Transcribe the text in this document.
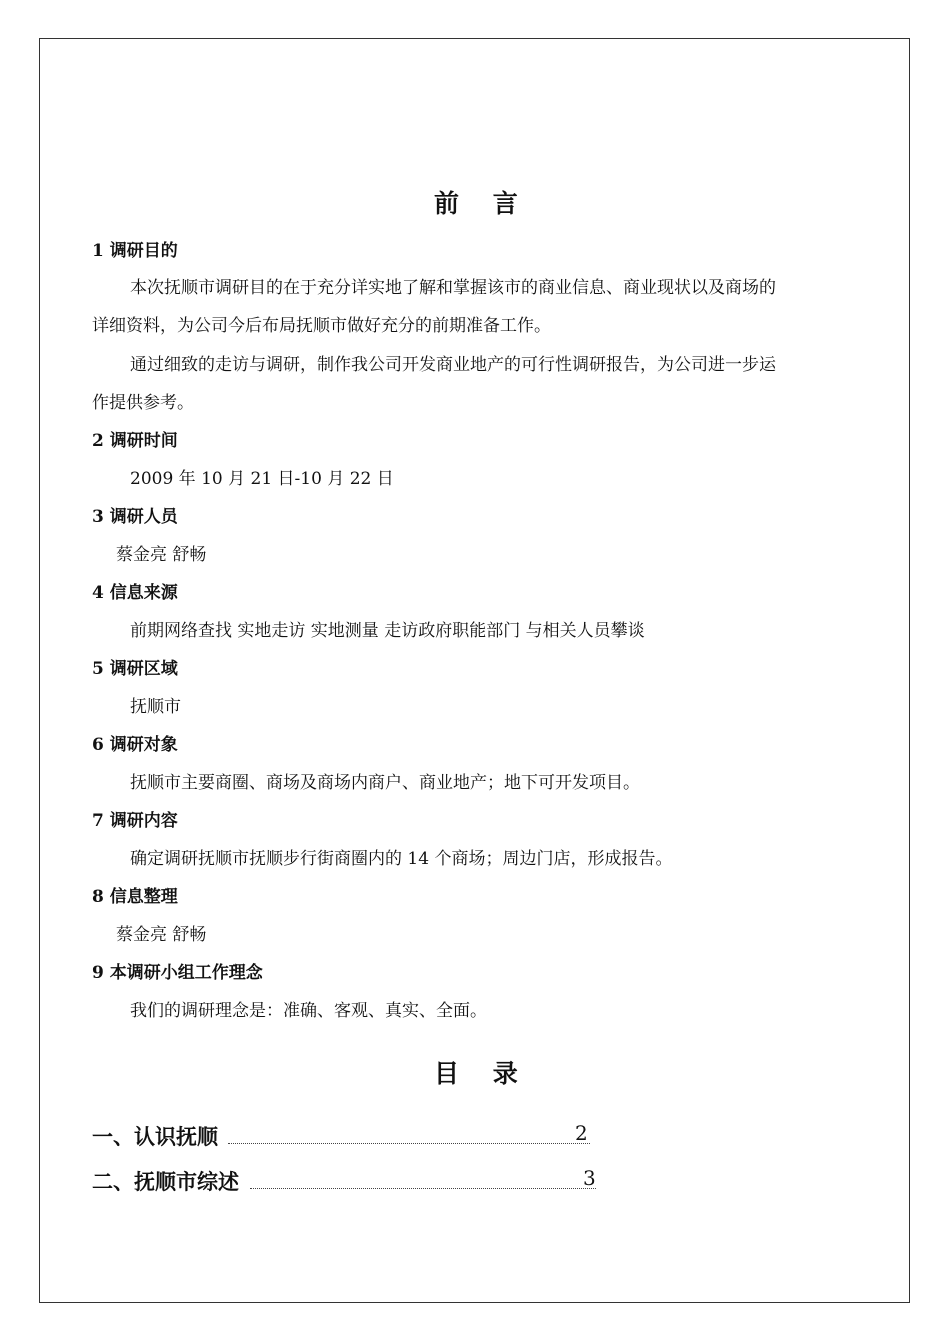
前　 言
1 调研目的
本次抚顺市调研目的在于充分详实地了解和掌握该市的商业信息、商业现状以及商场的
详细资料，为公司今后布局抚顺市做好充分的前期准备工作。
通过细致的走访与调研，制作我公司开发商业地产的可行性调研报告，为公司进一步运
作提供参考。
2 调研时间
2009 年 10 月 21 日-10 月 22 日
3 调研人员
蔡金亮 舒畅
4 信息来源
前期网络查找 实地走访 实地测量 走访政府职能部门 与相关人员攀谈
5 调研区域
抚顺市
6 调研对象
抚顺市主要商圈、商场及商场内商户、商业地产；地下可开发项目。
7 调研内容
确定调研抚顺市抚顺步行街商圈内的 14 个商场；周边门店，形成报告。
8 信息整理
蔡金亮 舒畅
9 本调研小组工作理念
我们的调研理念是：准确、客观、真实、全面。
目　 录
一、认识抚顺	2
二、抚顺市综述	3
